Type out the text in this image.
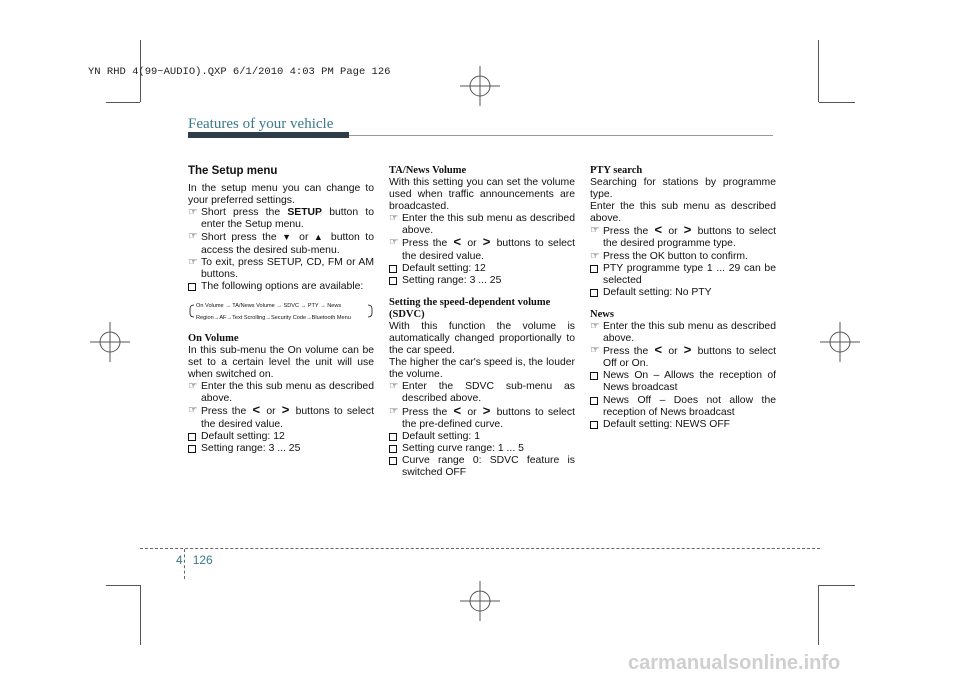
YN RHD 4(99~AUDIO).QXP 6/1/2010 4:03 PM Page 126
Features of your vehicle
The Setup menu

In the setup menu you can change to your preferred settings.

☞ Short press the SETUP button to enter the Setup menu.
☞ Short press the ▼ or ▲ button to access the desired sub-menu.
☞ To exit, press SETUP, CD, FM or AM buttons.
The following options are available:
On Volume → TA/News Volume → SDVC → PTY → News
Region→AF→Text Scrolling→Security Code→Bluetooth Menu
On Volume

In this sub-menu the On volume can be set to a certain level the unit will use when switched on.

☞ Enter the this sub menu as described above.
☞ Press the < or > buttons to select the desired value.
Default setting: 12
Setting range: 3 ... 25
TA/News Volume

With this setting you can set the volume used when traffic announcements are broadcasted.

☞ Enter the this sub menu as described above.
☞ Press the < or > buttons to select the desired value.
Default setting: 12
Setting range: 3 ... 25
Setting the speed-dependent volume (SDVC)

With this function the volume is automatically changed proportionally to the car speed.

The higher the car's speed is, the louder the volume.

☞ Enter the SDVC sub-menu as described above.
☞ Press the < or > buttons to select the pre-defined curve.
Default setting: 1
Setting curve range: 1 ... 5
Curve range 0: SDVC feature is switched OFF
PTY search

Searching for stations by programme type.

Enter the this sub menu as described above.

☞ Press the < or > buttons to select the desired programme type.
☞ Press the OK button to confirm.
PTY programme type 1 ... 29 can be selected
Default setting: No PTY
News
☞ Enter the this sub menu as described above.
☞ Press the < or > buttons to select Off or On.
News On – Allows the reception of News broadcast
News Off – Does not allow the reception of News broadcast
Default setting: NEWS OFF
4 126
carmanualsonline.info
